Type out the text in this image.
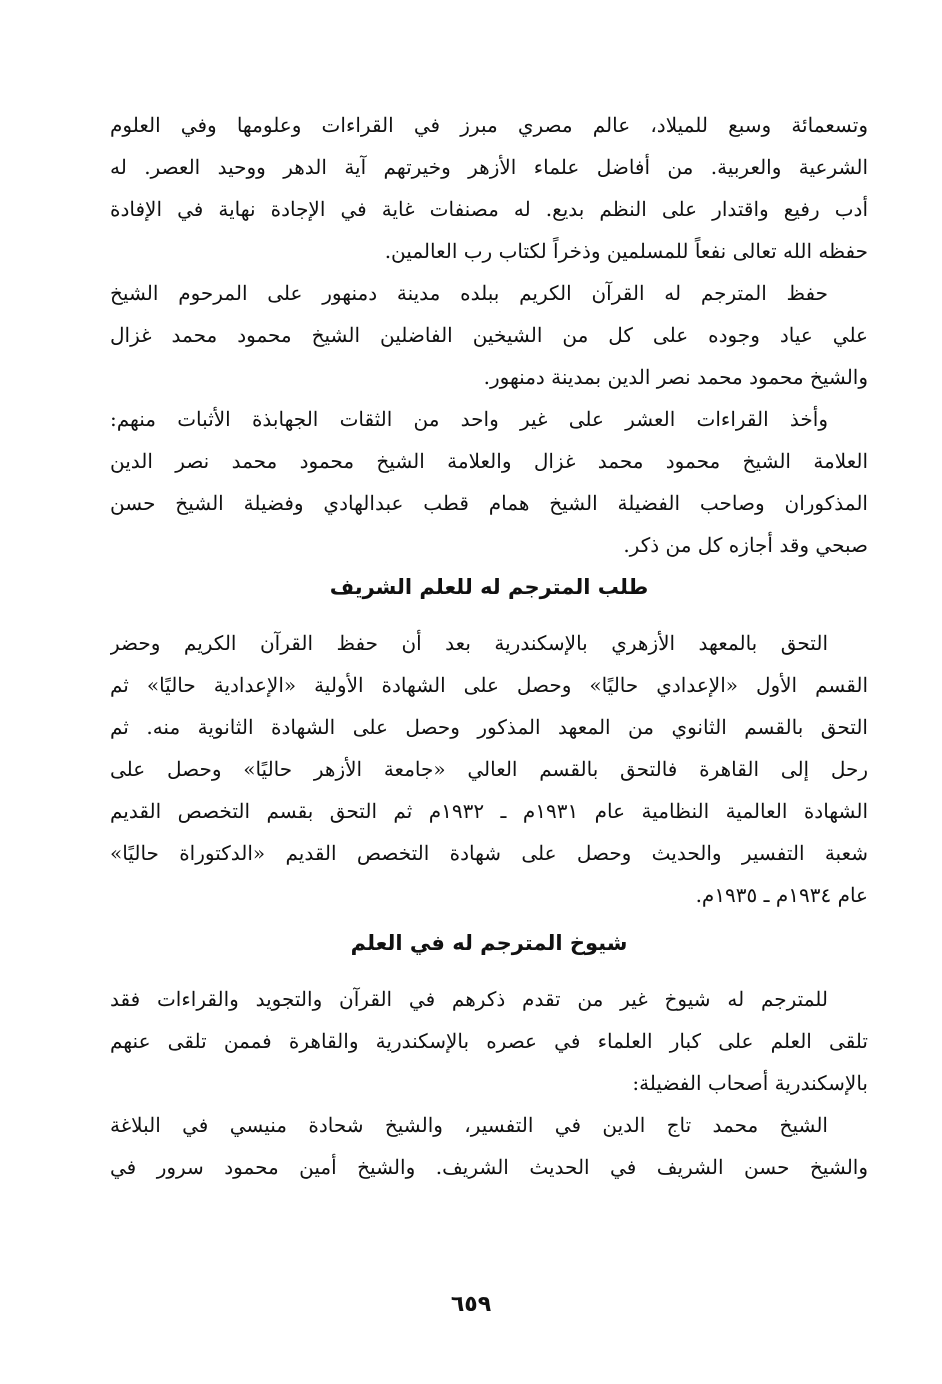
وتسعمائة وسبع للميلاد، عالم مصري مبرز في القراءات وعلومها وفي العلوم
الشرعية والعربية. من أفاضل علماء الأزهر وخيرتهم آية الدهر ووحيد العصر. له
أدب رفيع واقتدار على النظم بديع. له مصنفات غاية في الإجادة نهاية في الإفادة
حفظه الله تعالى نفعاً للمسلمين وذخراً لكتاب رب العالمين.
حفظ المترجم له القرآن الكريم ببلده مدينة دمنهور على المرحوم الشيخ
علي عياد وجوده على كل من الشيخين الفاضلين الشيخ محمود محمد غزال
والشيخ محمود محمد نصر الدين بمدينة دمنهور.
وأخذ القراءات العشر على غير واحد من الثقات الجهابذة الأثبات منهم:
العلامة الشيخ محمود محمد غزال والعلامة الشيخ محمود محمد نصر الدين
المذكوران وصاحب الفضيلة الشيخ همام قطب عبدالهادي وفضيلة الشيخ حسن
صبحي وقد أجازه كل من ذكر.
طلب المترجم له للعلم الشريف
التحق بالمعهد الأزهري بالإسكندرية بعد أن حفظ القرآن الكريم وحضر
القسم الأول «الإعدادي حاليًا» وحصل على الشهادة الأولية «الإعدادية حاليًا» ثم
التحق بالقسم الثانوي من المعهد المذكور وحصل على الشهادة الثانوية منه. ثم
رحل إلى القاهرة فالتحق بالقسم العالي «جامعة الأزهر حاليًا» وحصل على
الشهادة العالمية النظامية عام ١٩٣١م ـ ١٩٣٢م ثم التحق بقسم التخصص القديم
شعبة التفسير والحديث وحصل على شهادة التخصص القديم «الدكتوراة حاليًا»
عام ١٩٣٤م ـ ١٩٣٥م.
شيوخ المترجم له في العلم
للمترجم له شيوخ غير من تقدم ذكرهم في القرآن والتجويد والقراءات فقد
تلقى العلم على كبار العلماء في عصره بالإسكندرية والقاهرة فممن تلقى عنهم
بالإسكندرية أصحاب الفضيلة:
الشيخ محمد تاج الدين في التفسير، والشيخ شحادة منيسي في البلاغة
والشيخ حسن الشريف في الحديث الشريف. والشيخ أمين محمود سرور في
٦٥٩
